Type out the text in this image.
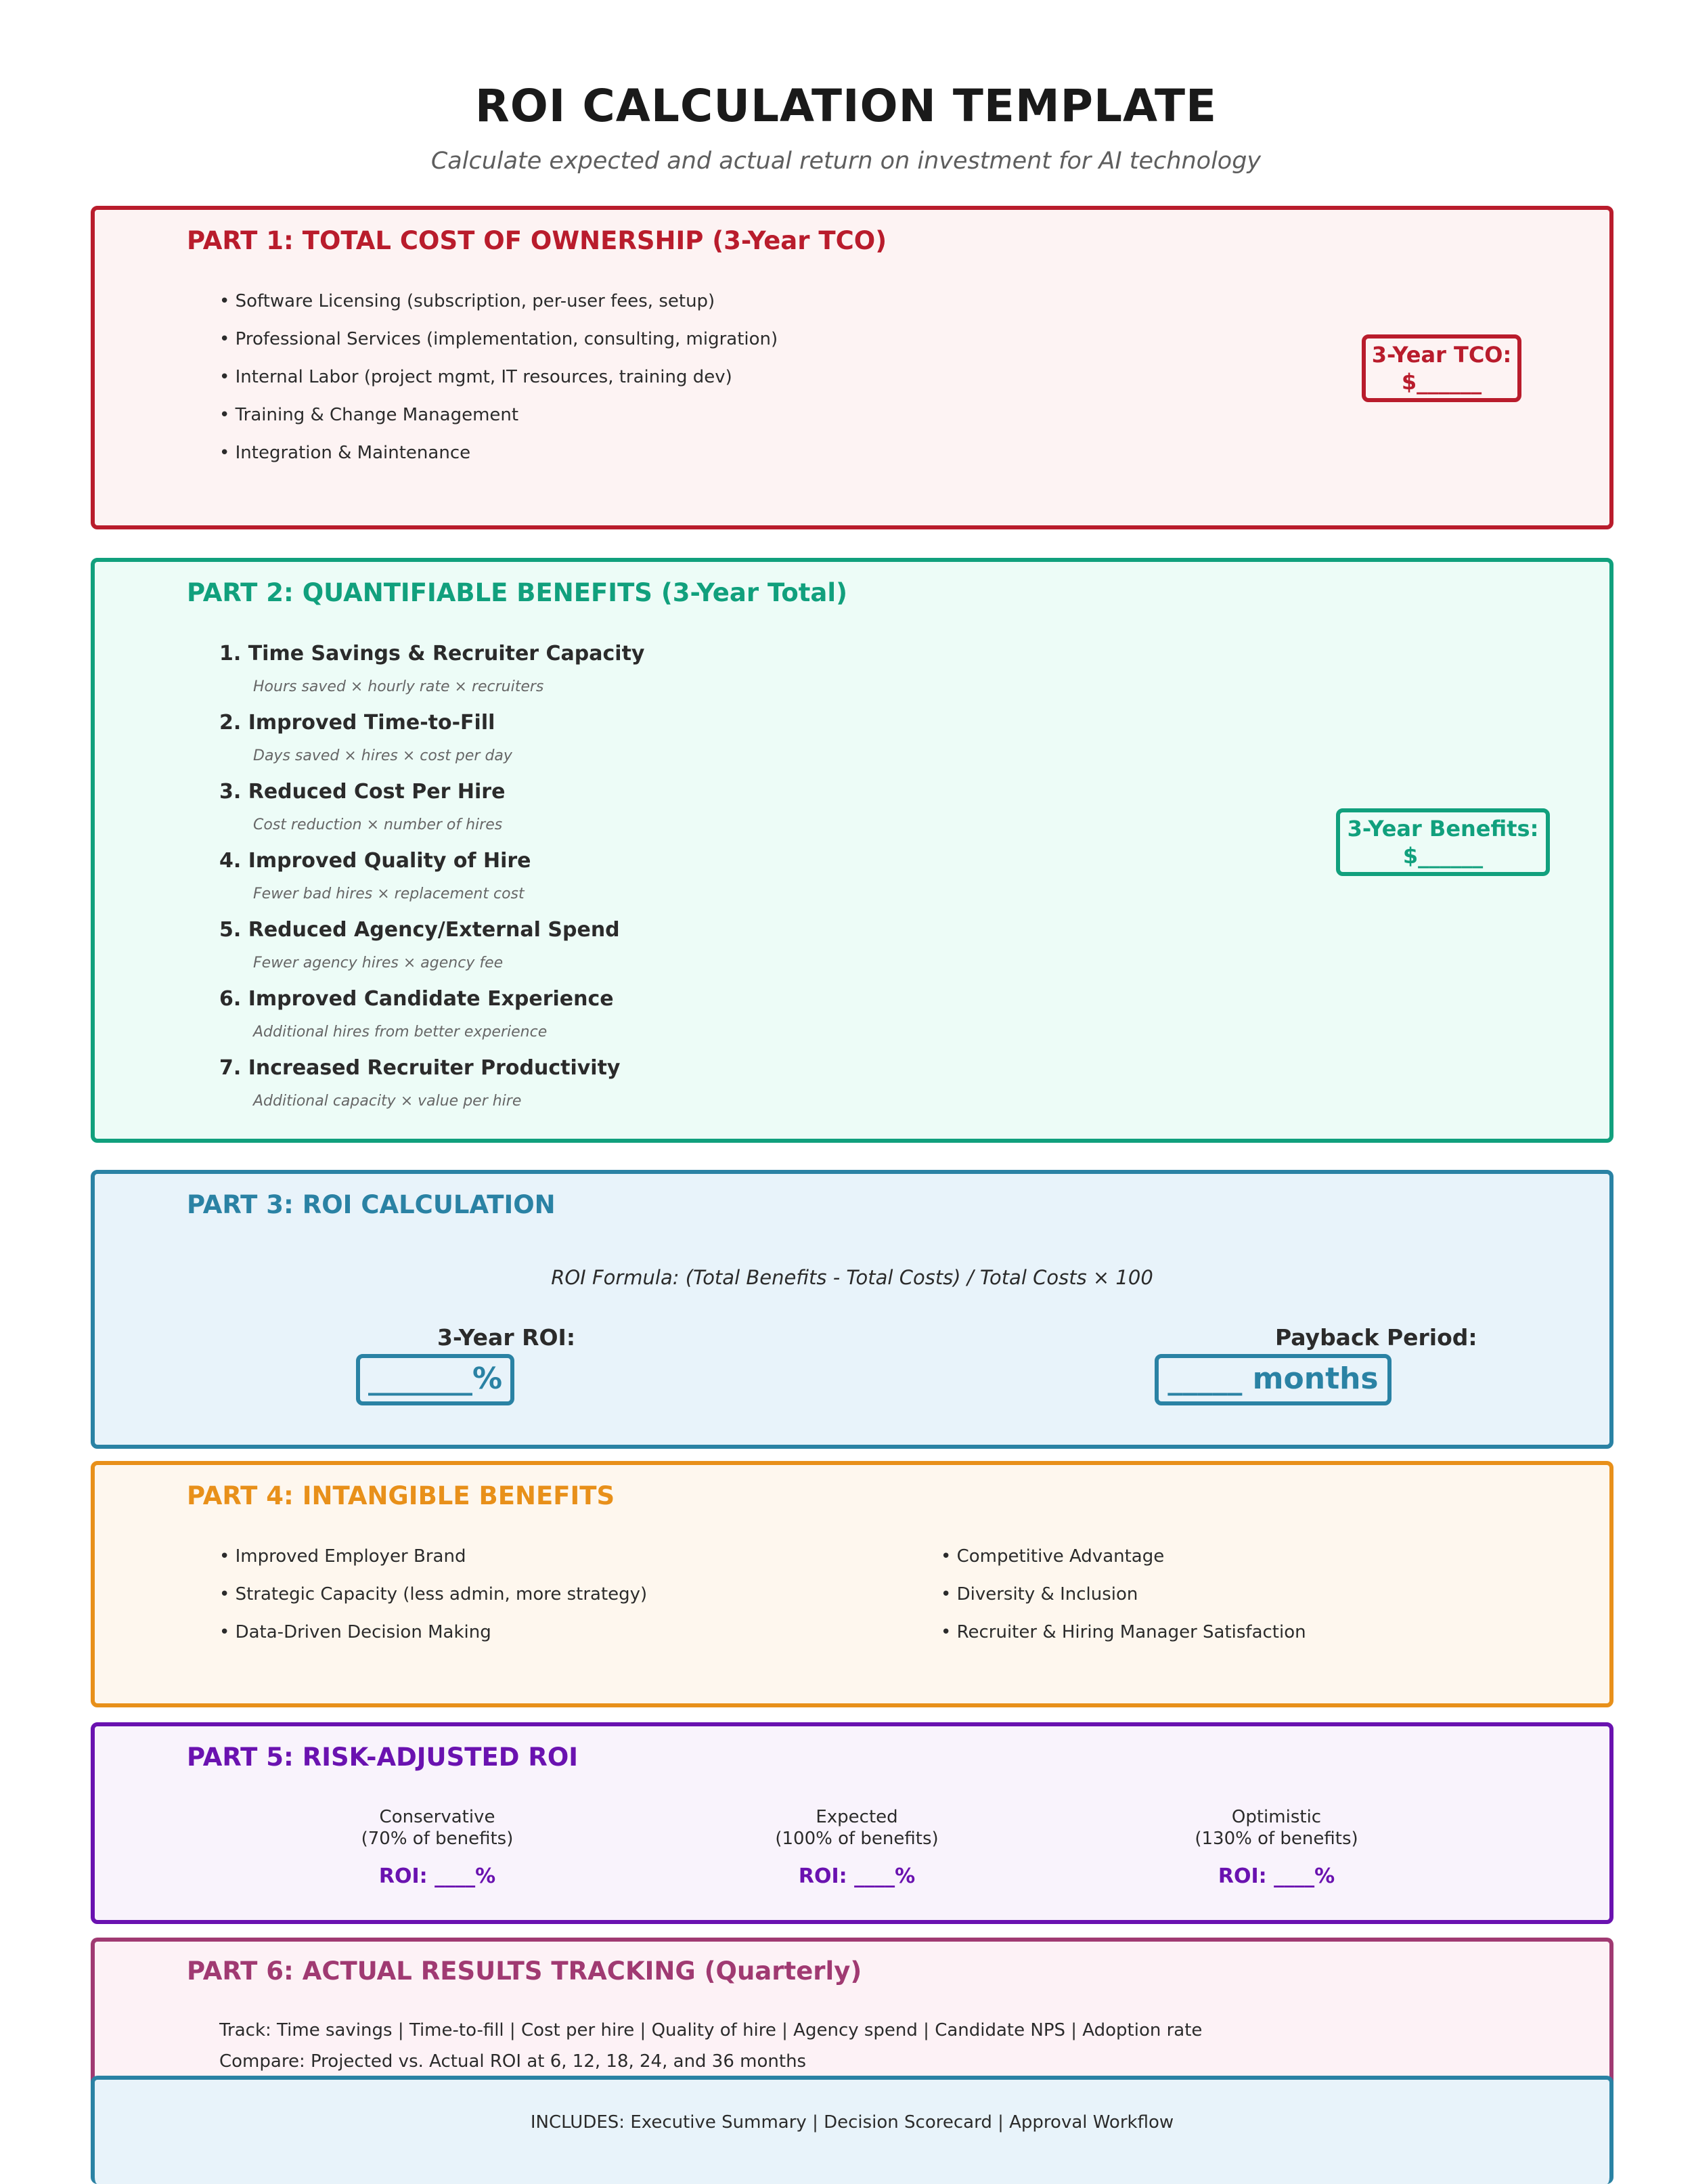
ROI CALCULATION TEMPLATE
Calculate expected and actual return on investment for AI technology
PART 1: TOTAL COST OF OWNERSHIP (3-Year TCO)
• Software Licensing (subscription, per-user fees, setup)
• Professional Services (implementation, consulting, migration)
• Internal Labor (project mgmt, IT resources, training dev)
• Training & Change Management
• Integration & Maintenance
3-Year TCO:
$______
PART 2: QUANTIFIABLE BENEFITS (3-Year Total)
1. Time Savings & Recruiter Capacity
Hours saved × hourly rate × recruiters
2. Improved Time-to-Fill
Days saved × hires × cost per day
3. Reduced Cost Per Hire
Cost reduction × number of hires
4. Improved Quality of Hire
Fewer bad hires × replacement cost
5. Reduced Agency/External Spend
Fewer agency hires × agency fee
6. Improved Candidate Experience
Additional hires from better experience
7. Increased Recruiter Productivity
Additional capacity × value per hire
3-Year Benefits:
$______
PART 3: ROI CALCULATION
ROI Formula: (Total Benefits - Total Costs) / Total Costs × 100
3-Year ROI:
_______%
Payback Period:
_____ months
PART 4: INTANGIBLE BENEFITS
• Improved Employer Brand
• Strategic Capacity (less admin, more strategy)
• Data-Driven Decision Making
• Competitive Advantage
• Diversity & Inclusion
• Recruiter & Hiring Manager Satisfaction
PART 5: RISK-ADJUSTED ROI
Conservative
(70% of benefits)
ROI: ____%
Expected
(100% of benefits)
ROI: ____%
Optimistic
(130% of benefits)
ROI: ____%
PART 6: ACTUAL RESULTS TRACKING (Quarterly)
Track: Time savings | Time-to-fill | Cost per hire | Quality of hire | Agency spend | Candidate NPS | Adoption rate
Compare: Projected vs. Actual ROI at 6, 12, 18, 24, and 36 months
INCLUDES: Executive Summary | Decision Scorecard | Approval Workflow
